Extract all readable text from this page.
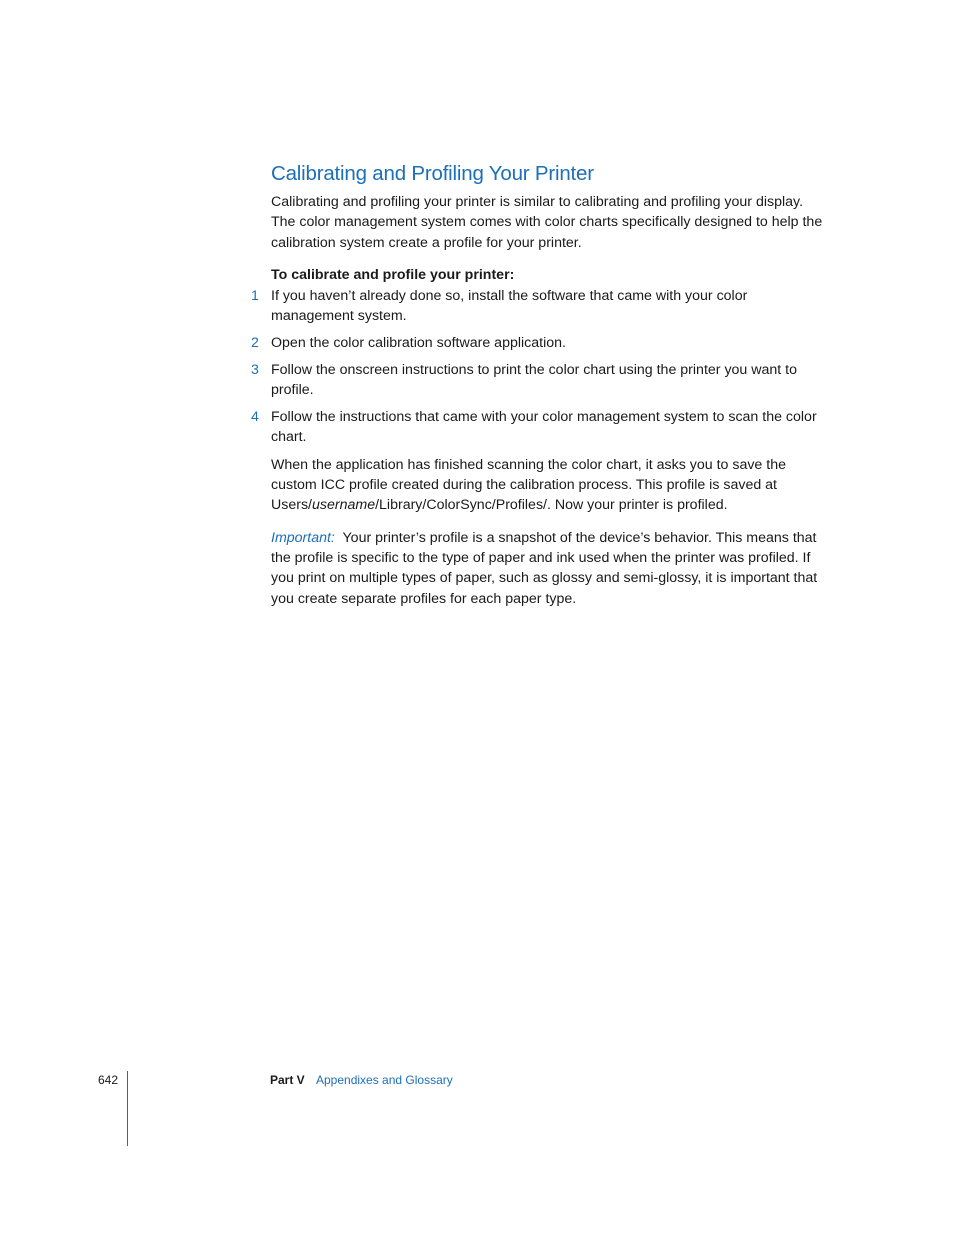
Calibrating and Profiling Your Printer

Calibrating and profiling your printer is similar to calibrating and profiling your display. The color management system comes with color charts specifically designed to help the calibration system create a profile for your printer.

To calibrate and profile your printer:
1 If you haven’t already done so, install the software that came with your color management system.
2 Open the color calibration software application.
3 Follow the onscreen instructions to print the color chart using the printer you want to profile.
4 Follow the instructions that came with your color management system to scan the color chart.

When the application has finished scanning the color chart, it asks you to save the custom ICC profile created during the calibration process. This profile is saved at Users/username/Library/ColorSync/Profiles/. Now your printer is profiled.

Important: Your printer’s profile is a snapshot of the device’s behavior. This means that the profile is specific to the type of paper and ink used when the printer was profiled. If you print on multiple types of paper, such as glossy and semi-glossy, it is important that you create separate profiles for each paper type.

642	Part V Appendixes and Glossary
